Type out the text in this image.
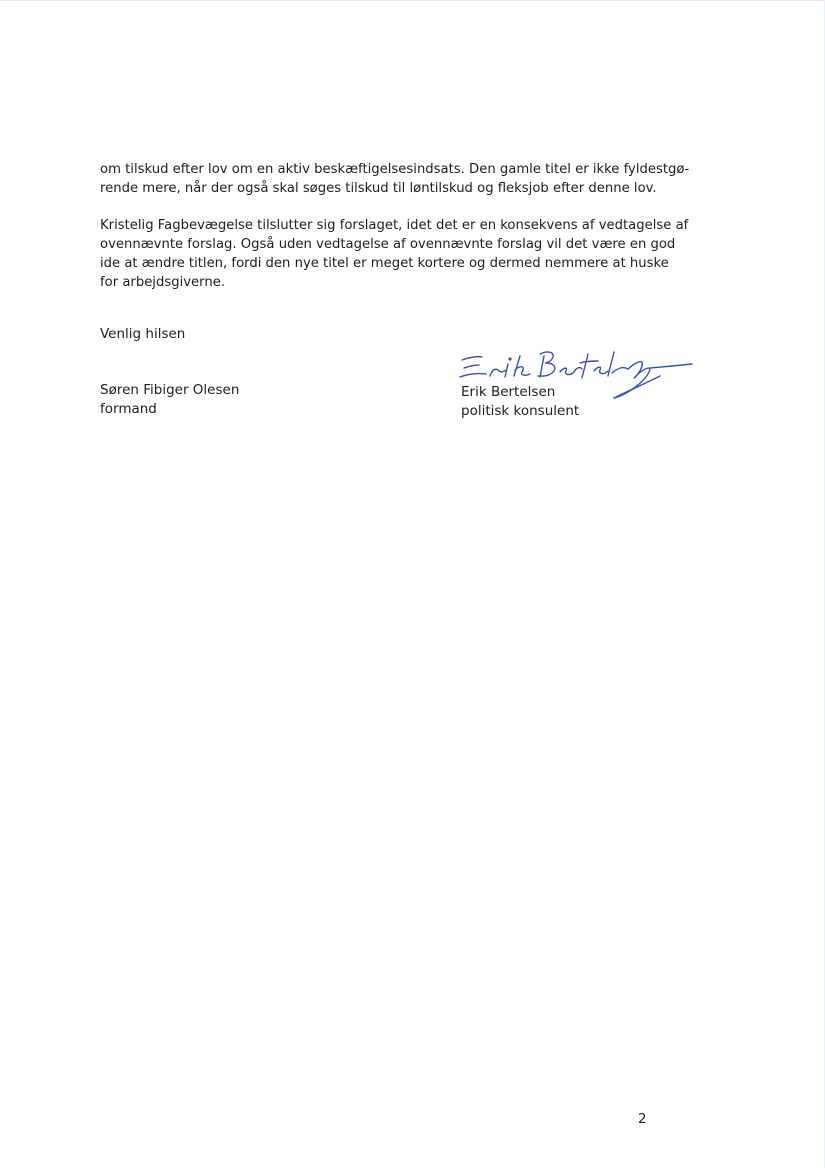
om tilskud efter lov om en aktiv beskæftigelsesindsats. Den gamle titel er ikke fyldestgø-
rende mere, når der også skal søges tilskud til løntilskud og fleksjob efter denne lov.

Kristelig Fagbevægelse tilslutter sig forslaget, idet det er en konsekvens af vedtagelse af
ovennævnte forslag. Også uden vedtagelse af ovennævnte forslag vil det være en god
ide at ændre titlen, fordi den nye titel er meget kortere og dermed nemmere at huske
for arbejdsgiverne.

Venlig hilsen

Søren Fibiger Olesen
formand
Erik Bertelsen
politisk konsulent
2
